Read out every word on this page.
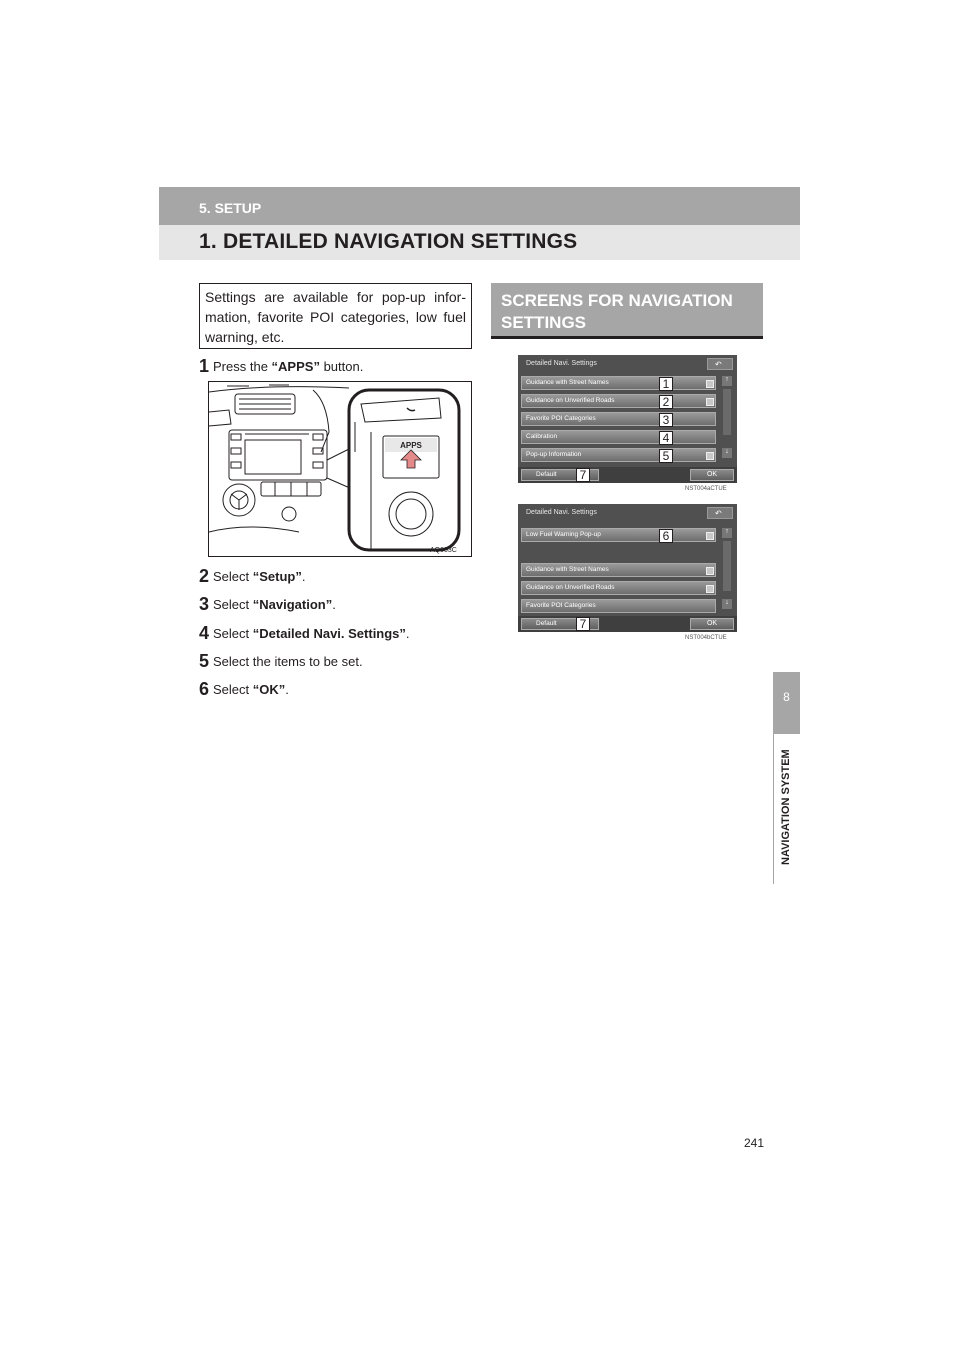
5. SETUP
1. DETAILED NAVIGATION SETTINGS
8
NAVIGATION SYSTEM
Settings are available for pop-up infor-mation, favorite POI categories, low fuel warning, etc.
1 Press the “APPS” button.
APPS
AQ003C
2 Select “Setup”.
3 Select “Navigation”.
4 Select “Detailed Navi. Settings”.
5 Select the items to be set.
6 Select “OK”.
SCREENS FOR NAVIGATION SETTINGS
Detailed Navi. Settings	↶
Guidance with Street Names
Guidance on Unverified Roads
Favorite POI Categories
Calibration
Pop-up Information
↑
↓
Default	OK
1
2
3
4
5
7
NST004aCTUE
Detailed Navi. Settings	↶
Low Fuel Warning Pop-up
Guidance with Street Names
Guidance on Unverified Roads
Favorite POI Categories
↑
↓
Default	OK
6
7
NST004bCTUE
241
